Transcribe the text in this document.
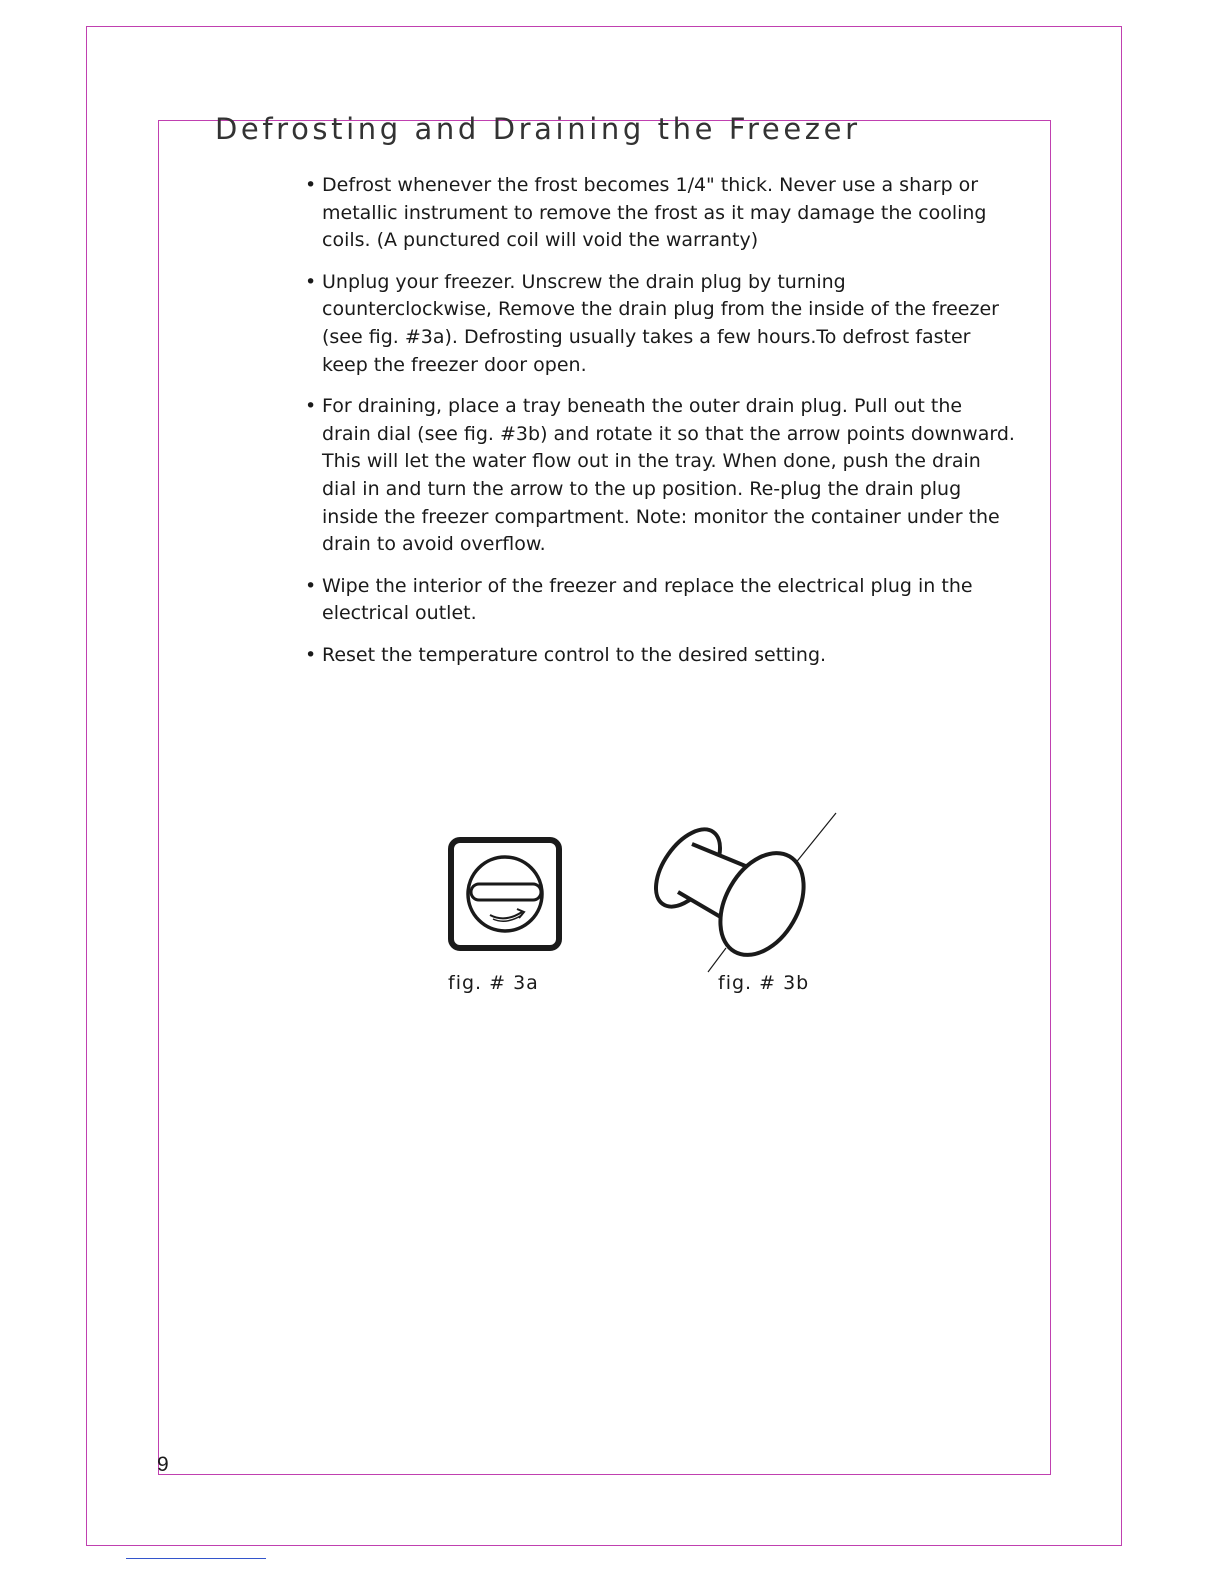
Defrosting and Draining the Freezer
• Defrost whenever the frost becomes 1/4" thick. Never use a sharp or metallic instrument to remove the frost as it may damage the cooling coils. (A punctured coil will void the warranty)
• Unplug your freezer. Unscrew the drain plug by turning counterclockwise, Remove the drain plug from the inside of the freezer (see fig. #3a). Defrosting usually takes a few hours.To defrost faster keep the freezer door open.
• For draining, place a tray beneath the outer drain plug. Pull out the drain dial (see fig. #3b) and rotate it so that the arrow points downward. This will let the water flow out in the tray. When done, push the drain dial in and turn the arrow to the up position. Re-plug the drain plug inside the freezer compartment. Note: monitor the container under the drain to avoid overflow.
• Wipe the interior of the freezer and replace the electrical plug in the electrical outlet.
• Reset the temperature control to the desired setting.
fig. # 3a	fig. # 3b
9
